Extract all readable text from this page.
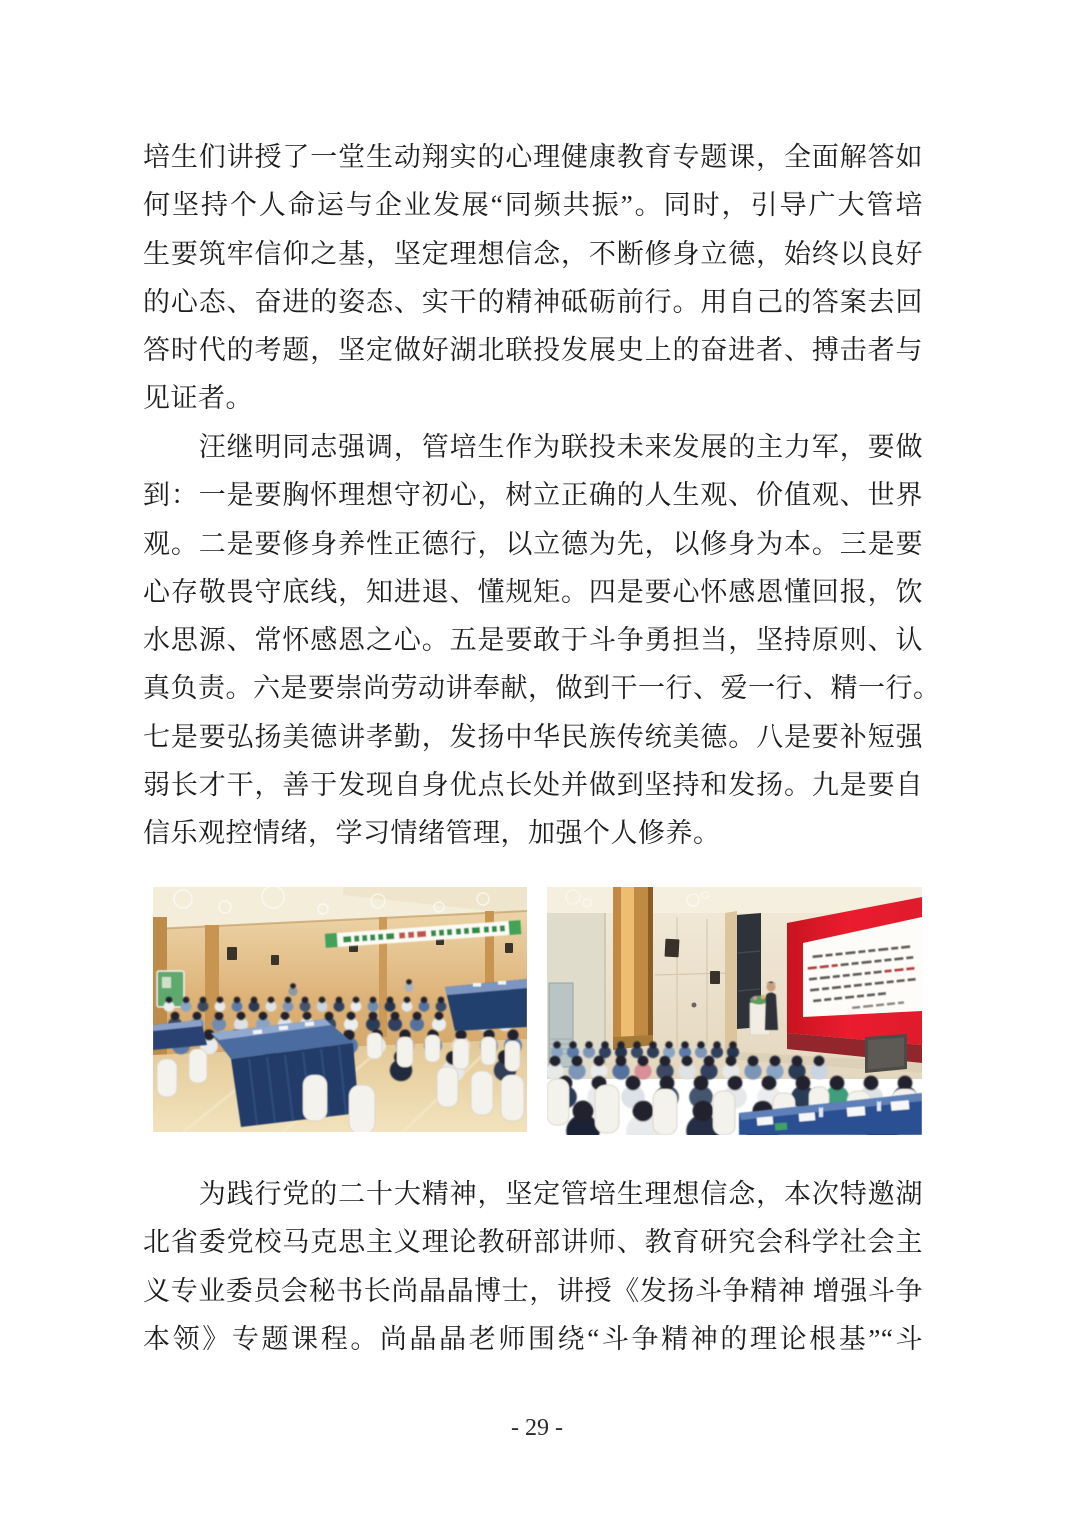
培生们讲授了一堂生动翔实的心理健康教育专题课，全面解答如
何坚持个人命运与企业发展“同频共振”。同时，引导广大管培
生要筑牢信仰之基，坚定理想信念，不断修身立德，始终以良好
的心态、奋进的姿态、实干的精神砥砺前行。用自己的答案去回
答时代的考题，坚定做好湖北联投发展史上的奋进者、搏击者与
见证者。
　　汪继明同志强调，管培生作为联投未来发展的主力军，要做
到：一是要胸怀理想守初心，树立正确的人生观、价值观、世界
观。二是要修身养性正德行，以立德为先，以修身为本。三是要
心存敬畏守底线，知进退、懂规矩。四是要心怀感恩懂回报，饮
水思源、常怀感恩之心。五是要敢于斗争勇担当，坚持原则、认
真负责。六是要崇尚劳动讲奉献，做到干一行、爱一行、精一行。
七是要弘扬美德讲孝勤，发扬中华民族传统美德。八是要补短强
弱长才干，善于发现自身优点长处并做到坚持和发扬。九是要自
信乐观控情绪，学习情绪管理，加强个人修养。
　　为践行党的二十大精神，坚定管培生理想信念，本次特邀湖
北省委党校马克思主义理论教研部讲师、教育研究会科学社会主
义专业委员会秘书长尚晶晶博士，讲授《发扬斗争精神 增强斗争
本领》专题课程。尚晶晶老师围绕“斗争精神的理论根基”“斗
- 29 -
